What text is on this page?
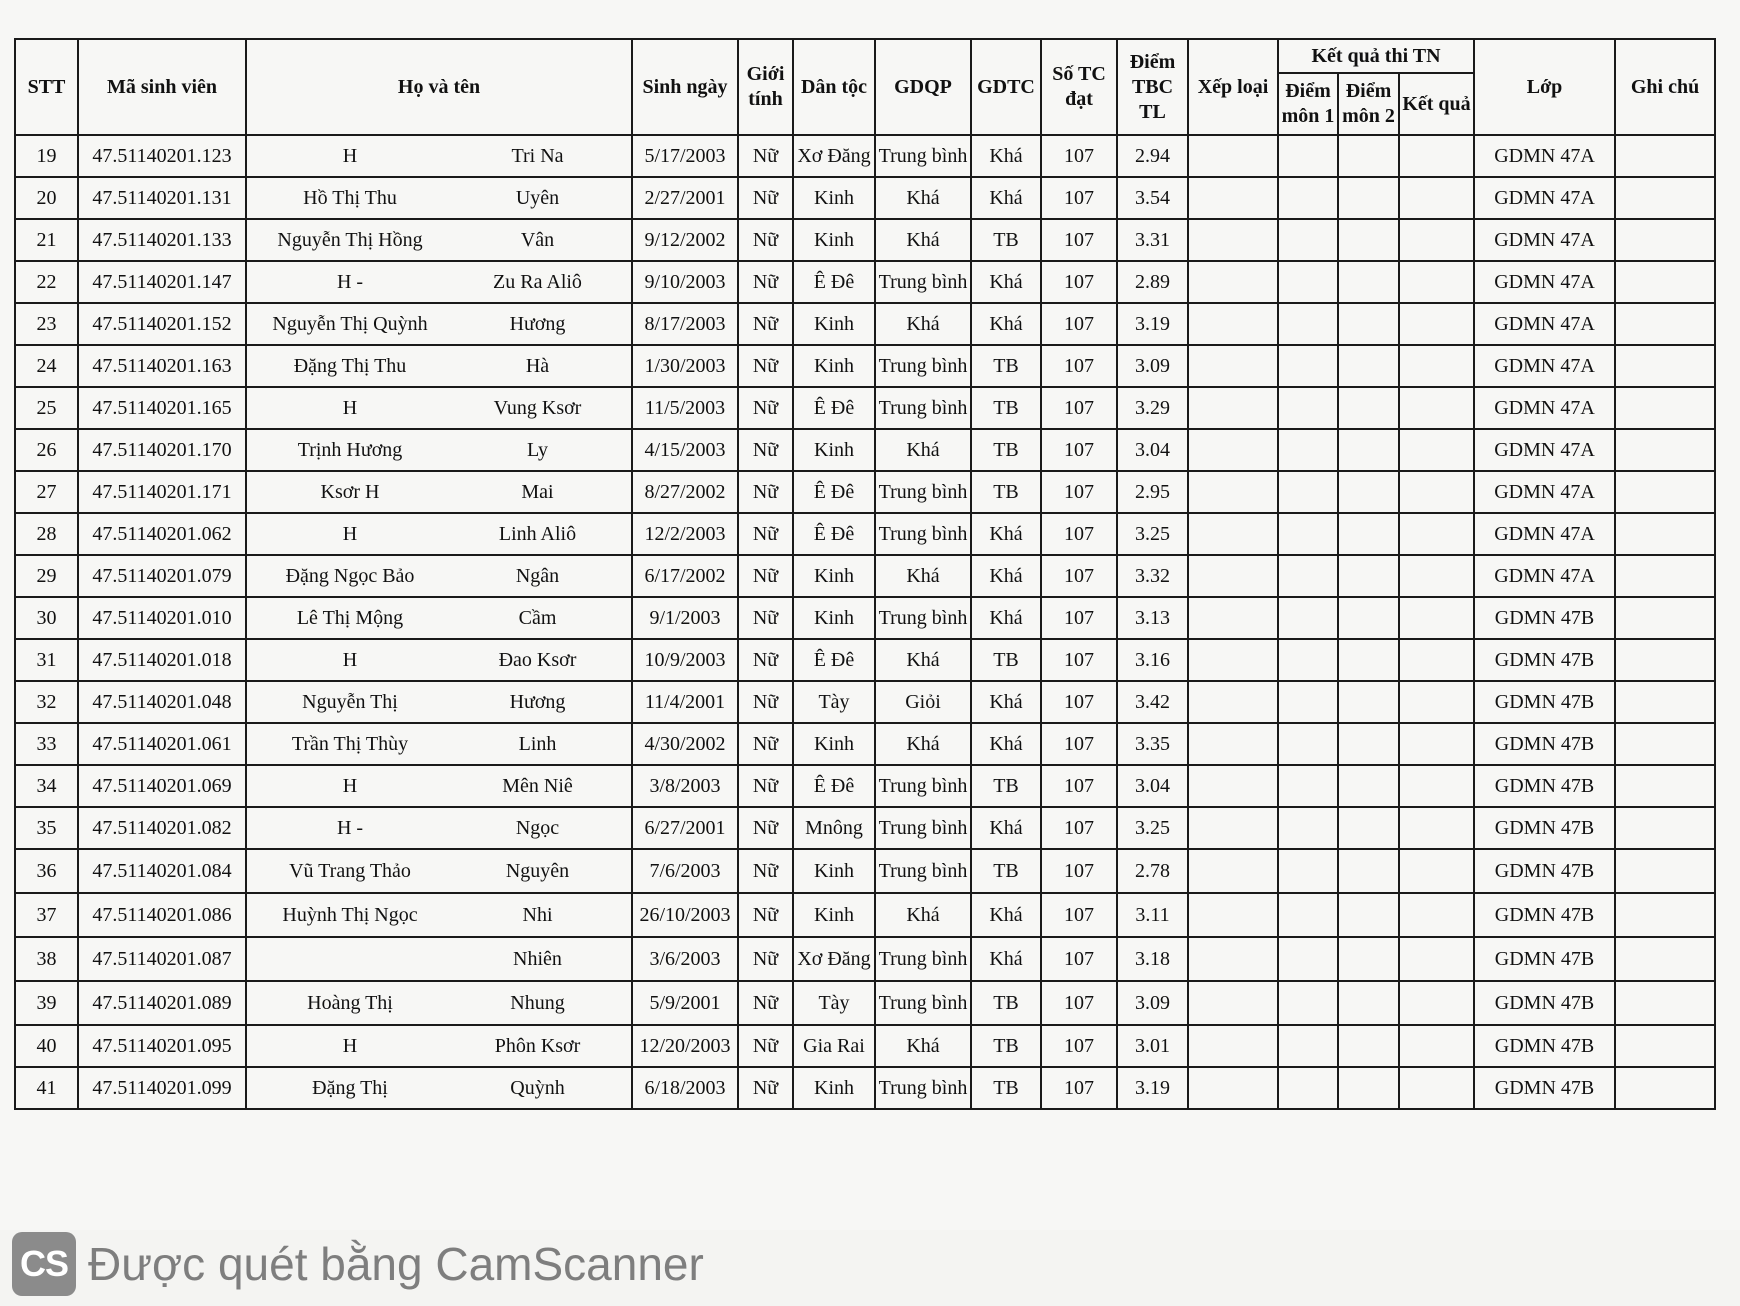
STT	Mã sinh viên	Họ và tên	Sinh ngày	Giới tính	Dân tộc	GDQP	GDTC	Số TC đạt	Điểm TBC TL	Xếp loại	Kết quả thi TN			Lớp	Ghi chú
											Điểm môn 1	Điểm môn 2	Kết quả		
19	47.51140201.123	H Tri Na	5/17/2003	Nữ	Xơ Đăng	Trung bình	Khá	107	2.94					GDMN 47A	
20	47.51140201.131	Hồ Thị Thu Uyên	2/27/2001	Nữ	Kinh	Khá	Khá	107	3.54					GDMN 47A	
21	47.51140201.133	Nguyễn Thị Hồng Vân	9/12/2002	Nữ	Kinh	Khá	TB	107	3.31					GDMN 47A	
22	47.51140201.147	H - Zu Ra Aliô	9/10/2003	Nữ	Ê Đê	Trung bình	Khá	107	2.89					GDMN 47A	
23	47.51140201.152	Nguyễn Thị Quỳnh Hương	8/17/2003	Nữ	Kinh	Khá	Khá	107	3.19					GDMN 47A	
24	47.51140201.163	Đặng Thị Thu Hà	1/30/2003	Nữ	Kinh	Trung bình	TB	107	3.09					GDMN 47A	
25	47.51140201.165	H Vung Ksơr	11/5/2003	Nữ	Ê Đê	Trung bình	TB	107	3.29					GDMN 47A	
26	47.51140201.170	Trịnh Hương Ly	4/15/2003	Nữ	Kinh	Khá	TB	107	3.04					GDMN 47A	
27	47.51140201.171	Ksơr H Mai	8/27/2002	Nữ	Ê Đê	Trung bình	TB	107	2.95					GDMN 47A	
28	47.51140201.062	H Linh Aliô	12/2/2003	Nữ	Ê Đê	Trung bình	Khá	107	3.25					GDMN 47A	
29	47.51140201.079	Đặng Ngọc Bảo Ngân	6/17/2002	Nữ	Kinh	Khá	Khá	107	3.32					GDMN 47A	
30	47.51140201.010	Lê Thị Mộng Cầm	9/1/2003	Nữ	Kinh	Trung bình	Khá	107	3.13					GDMN 47B	
31	47.51140201.018	H Đao Ksơr	10/9/2003	Nữ	Ê Đê	Khá	TB	107	3.16					GDMN 47B	
32	47.51140201.048	Nguyễn Thị Hương	11/4/2001	Nữ	Tày	Giỏi	Khá	107	3.42					GDMN 47B	
33	47.51140201.061	Trần Thị Thùy Linh	4/30/2002	Nữ	Kinh	Khá	Khá	107	3.35					GDMN 47B	
34	47.51140201.069	H Mên Niê	3/8/2003	Nữ	Ê Đê	Trung bình	TB	107	3.04					GDMN 47B	
35	47.51140201.082	H - Ngọc	6/27/2001	Nữ	Mnông	Trung bình	Khá	107	3.25					GDMN 47B	
36	47.51140201.084	Vũ Trang Thảo Nguyên	7/6/2003	Nữ	Kinh	Trung bình	TB	107	2.78					GDMN 47B	
37	47.51140201.086	Huỳnh Thị Ngọc Nhi	26/10/2003	Nữ	Kinh	Khá	Khá	107	3.11					GDMN 47B	
38	47.51140201.087	Nhiên	3/6/2003	Nữ	Xơ Đăng	Trung bình	Khá	107	3.18					GDMN 47B	
39	47.51140201.089	Hoàng Thị Nhung	5/9/2001	Nữ	Tày	Trung bình	TB	107	3.09					GDMN 47B	
40	47.51140201.095	H Phôn Ksơr	12/20/2003	Nữ	Gia Rai	Khá	TB	107	3.01					GDMN 47B	
41	47.51140201.099	Đặng Thị Quỳnh	6/18/2003	Nữ	Kinh	Trung bình	TB	107	3.19					GDMN 47B	
CS Được quét bằng CamScanner
